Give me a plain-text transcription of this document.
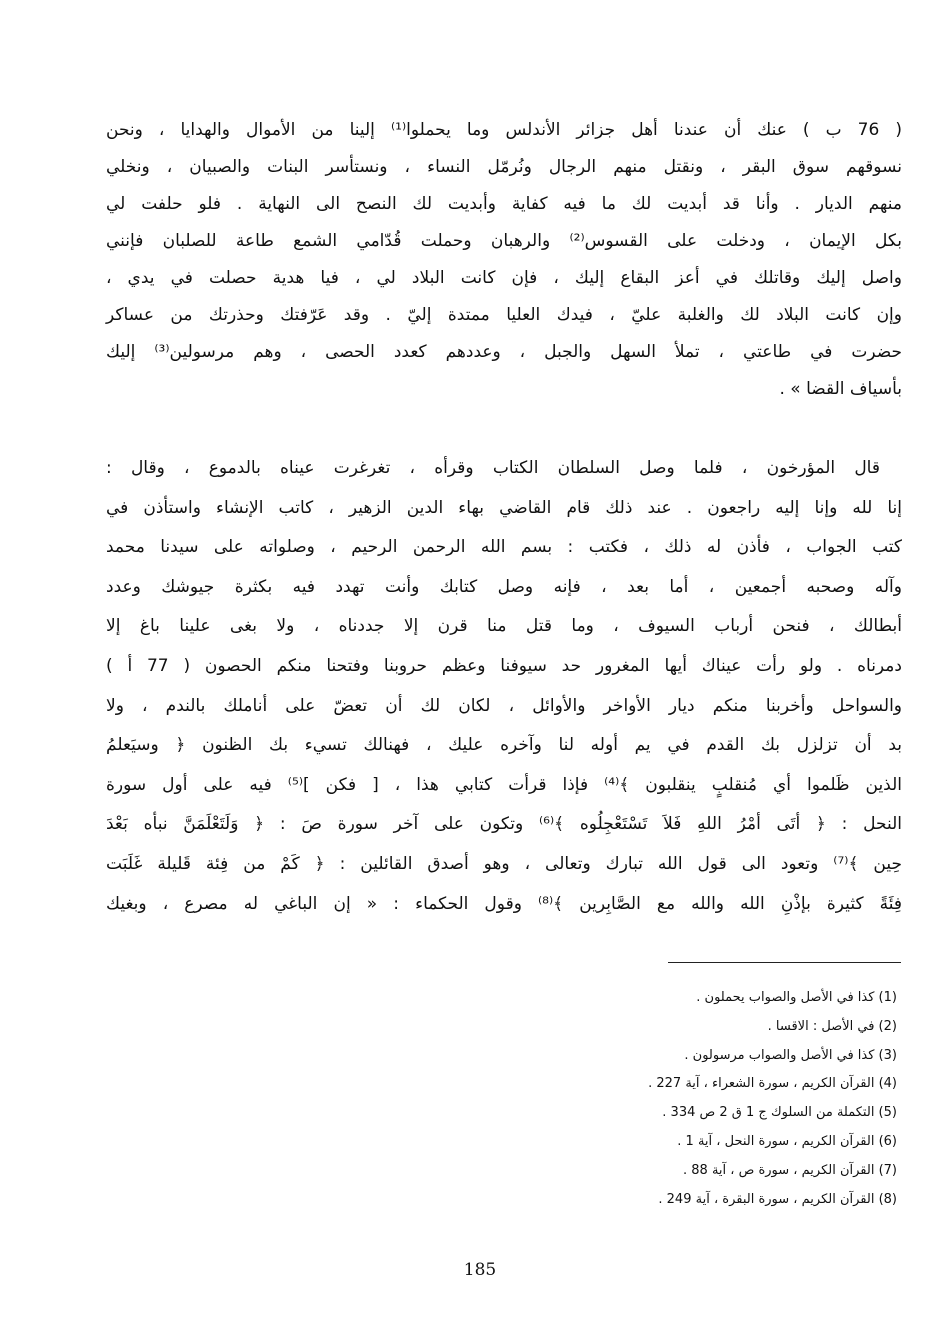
( 76 ب ) عنك أن عندنا أهل جزائر الأندلس وما يحملوا⁽¹⁾ إلينا من الأموال والهدايا ، ونحن
نسوقهم سوق البقر ، ونقتل منهم الرجال ونُرمّل النساء ، ونستأسر البنات والصبيان ، ونخلي
منهم الديار . وأنا قد أبديت لك ما فيه كفاية وأبديت لك النصح الى النهاية . فلو حلفت لي
بكل الإيمان ، ودخلت على القسوس⁽²⁾ والرهبان وحملت قُدّامي الشمع طاعة للصلبان فإنني
واصل إليك وقاتلك في أعز البقاع إليك ، فإن كانت البلاد لي ، فيا هدية حصلت في يدي ،
وإن كانت البلاد لك والغلبة عليّ ، فيدك العليا ممتدة إليّ . وقد عَرّفتك وحذرتك من عساكر
حضرت في طاعتي ، تملأ السهل والجبل ، وعددهم كعدد الحصى ، وهم مرسولين⁽³⁾ إليك
بأسياف القضا » .
قال المؤرخون ، فلما وصل السلطان الكتاب وقرأه ، تغرغرت عيناه بالدموع ، وقال :
إنا لله وإنا إليه راجعون . عند ذلك قام القاضي بهاء الدين الزهير ، كاتب الإنشاء واستأذن في
كتب الجواب ، فأذن له ذلك ، فكتب : بسم الله الرحمن الرحيم ، وصلواته على سيدنا محمد
وآله وصحبه أجمعين ، أما بعد ، فإنه وصل كتابك وأنت تهدد فيه بكثرة جيوشك وعدد
أبطالك ، فنحن أرباب السيوف ، وما قتل منا قرن إلا جددناه ، ولا بغى علينا باغ إلا
دمرناه . ولو رأت عيناك أيها المغرور حد سيوفنا وعظم حروبنا وفتحنا منكم الحصون ( 77 أ )
والسواحل وأخربنا منكم ديار الأواخر والأوائل ، لكان لك أن تعضّ على أناملك بالندم ، ولا
بد أن تزلزل بك القدم في يم أوله لنا وآخره عليك ، فهنالك تسيء بك الظنون ﴿ وسيَعلمُ
الذين ظَلموا أي مُنقلبٍ ينقلبون ﴾⁽⁴⁾ فإذا قرأت كتابي هذا ، [ فكن ]⁽⁵⁾ فيه على أول سورة
النحل : ﴿ أتَى أمْرُ اللهِ فَلاَ تَسْتَعْجِلُوه ﴾⁽⁶⁾ وتكون على آخر سورة صَ : ﴿ وَلَتَعْلَمَنَّ نبأه بَعْدَ
حِين ﴾⁽⁷⁾ وتعود الى قول الله تبارك وتعالى ، وهو أصدق القائلين : ﴿ كَمْ من فِئة قَليلة غَلَبَت
فِئَةً كثيرة بإذْنِ الله والله مع الصَّابِرين ﴾⁽⁸⁾ وقول الحكماء : « إن الباغي له مصرع ، وبغيك
(1) كذا في الأصل والصواب يحملون .
(2) في الأصل : الاقسا .
(3) كذا في الأصل والصواب مرسولون .
(4) القرآن الكريم ، سورة الشعراء ، آية 227 .
(5) التكملة من السلوك ج 1 ق 2 ص 334 .
(6) القرآن الكريم ، سورة النحل ، آية 1 .
(7) القرآن الكريم ، سورة ص ، آية 88 .
(8) القرآن الكريم ، سورة البقرة ، آية 249 .
185
